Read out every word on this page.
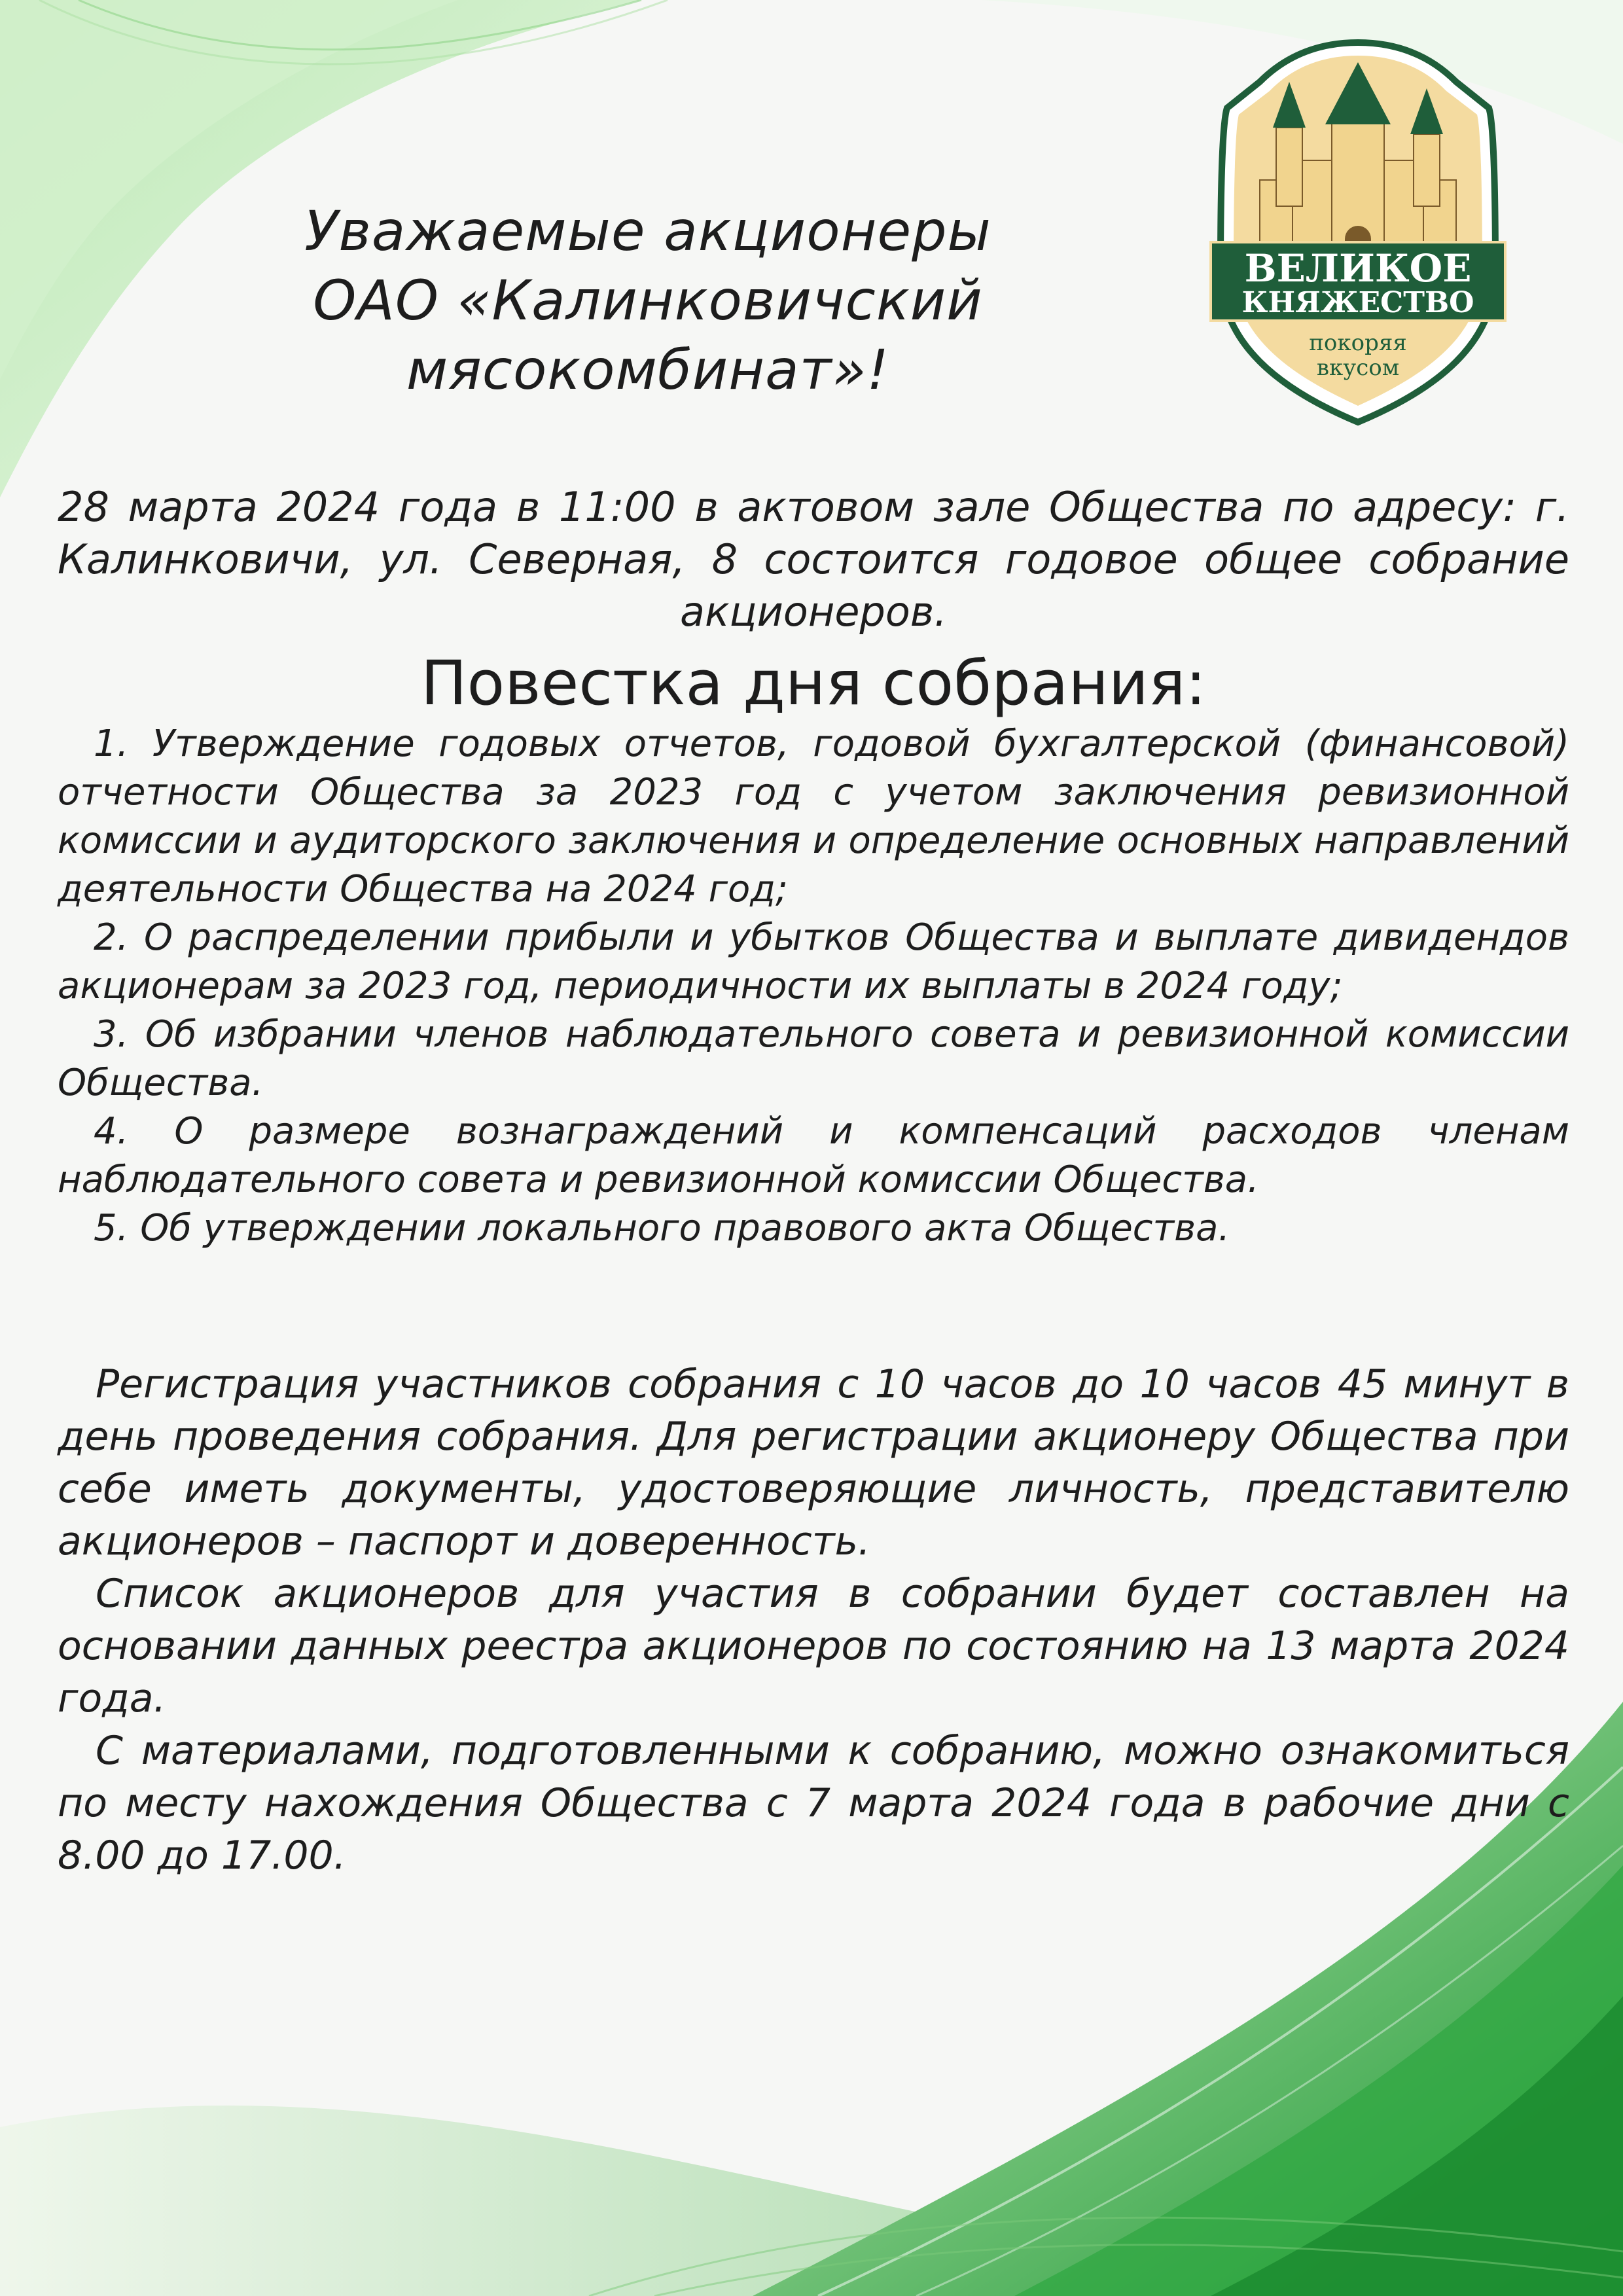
ВЕЛИКОЕ
КНЯЖЕСТВО
покоряя
вкусом
Уважаемые акционеры
ОАО «Калинковичский
мясокомбинат»!
28 марта 2024 года в 11:00 в актовом зале Общества по адресу: г. Калинковичи, ул. Северная, 8 состоится годовое общее собрание акционеров.
Повестка дня собрания:

1. Утверждение годовых отчетов, годовой бухгалтерской (финансовой) отчетности Общества за 2023 год с учетом заключения ревизионной комиссии и аудиторского заключения и определение основных направлений деятельности Общества на 2024 год;

2. О распределении прибыли и убытков Общества и выплате дивидендов акционерам за 2023 год, периодичности их выплаты в 2024 году;

3. Об избрании членов наблюдательного совета и ревизионной комиссии Общества.

4. О размере вознаграждений и компенсаций расходов членам наблюдательного совета и ревизионной комиссии Общества.

5. Об утверждении локального правового акта Общества.

Регистрация участников собрания с 10 часов до 10 часов 45 минут в день проведения собрания. Для регистрации акционеру Общества при себе иметь документы, удостоверяющие личность, представителю акционеров – паспорт и доверенность.

Список акционеров для участия в собрании будет составлен на основании данных реестра акционеров по состоянию на 13 марта 2024 года.

С материалами, подготовленными к собранию, можно ознакомиться по месту нахождения Общества с 7 марта 2024 года в рабочие дни с 8.00 до 17.00.
